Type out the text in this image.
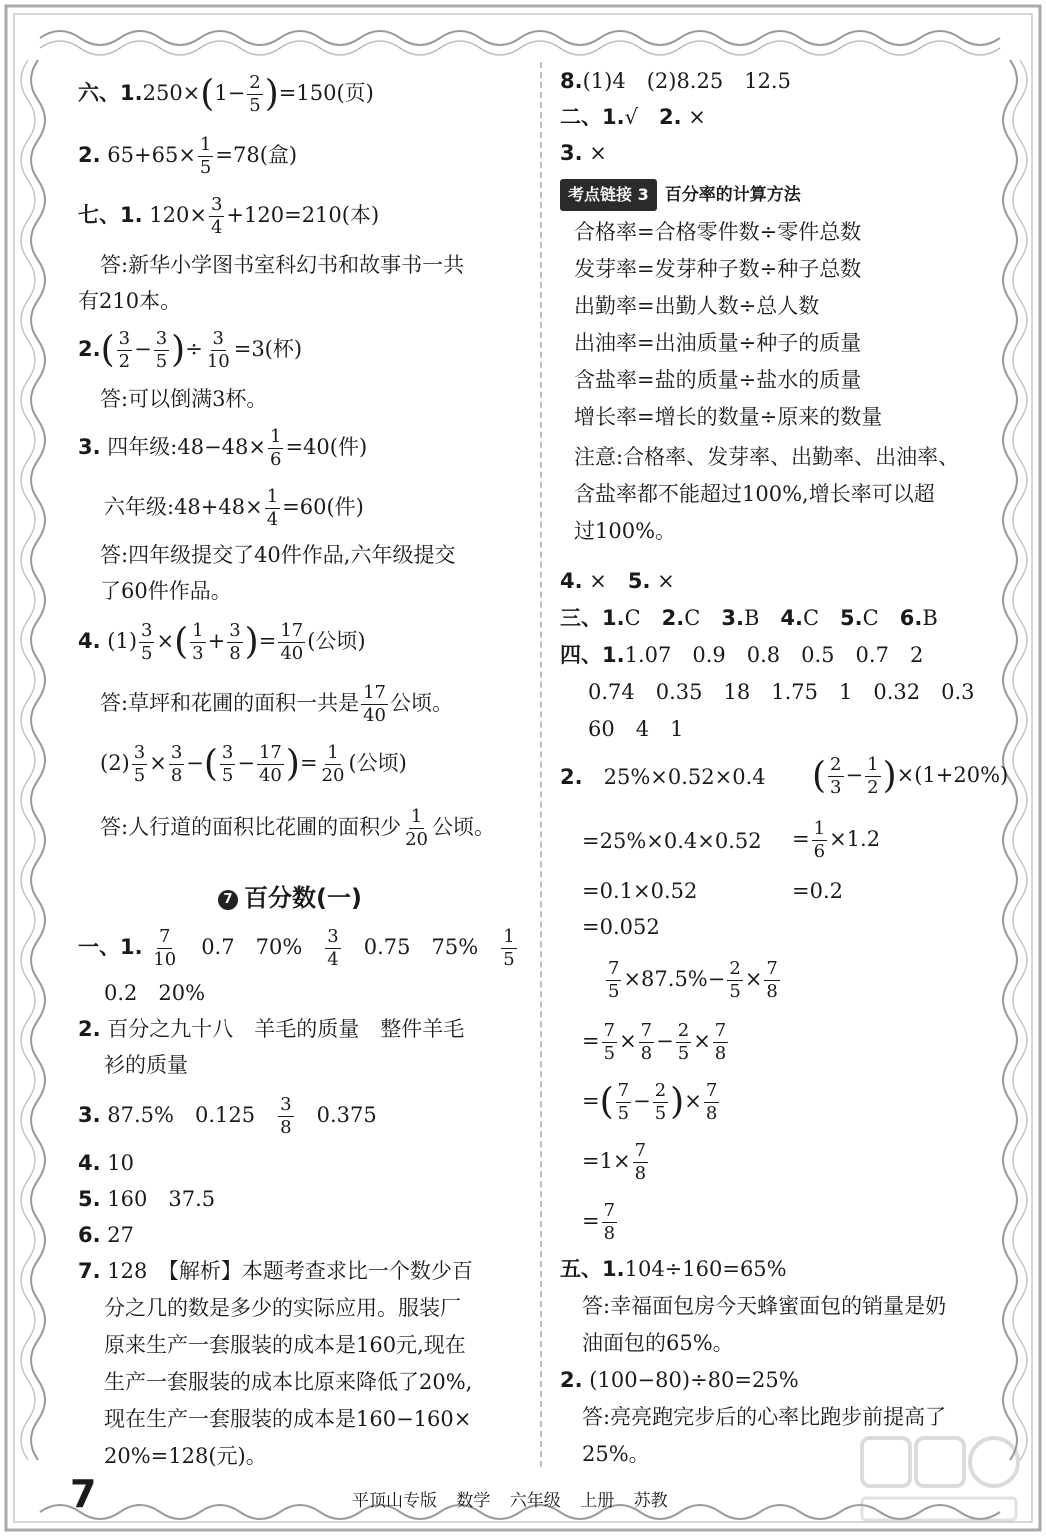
六、$1.250\times(1- \frac{2}{5} )=150$(页)
2. $65+65\times \frac{1}{5} =78$(盒)
七、1. $120\times \frac{3}{4} +120=210$(本)
答:新华小学图书室科幻书和故事书一共
有210本。
$2.( \frac{3}{2} - \frac{3}{5}$ )÷ $\frac{3}{10} =3$(杯)
答:可以倒满3杯。
3. 四年级:48−48× $\frac{1}{6} =40$(件)
六年级:48+48× $\frac{1}{4} =60$(件)
答:四年级提交了40件作品,六年级提交
了60件作品。
4. $(1) \frac{3}{5}$ ×( $\frac{1}{3} + \frac{3}{8}$ )= $\frac{17}{40}$ (公顷)
答:草坪和花圃的面积一共是 $\frac{17}{40}$ 公顷。
$(2) \frac{3}{5} \times \frac{3}{8}$ −( $\frac{3}{5} - \frac{17}{40}$ )= $\frac{1}{20}$ (公顷)
答:人行道的面积比花圃的面积少 $\frac{1}{20}$ 公顷。
7 百分数(一)
一、1. $\frac{7}{10}$
　 0.7　 70%　 $\frac{3}{4}$
　 0.75　 75%　 $\frac{1}{5}$
0.2　20%
2. 百分之九十八　羊毛的质量　整件羊毛
衫的质量
3. 87.5%　0.125　 $\frac{3}{8}$
　 0.375
4. 10
5. 160　37.5
6. 27
7. 128　【解析】本题考查求比一个数少百
分之几的数是多少的实际应用。服装厂
原来生产一套服装的成本是160元,现在
生产一套服装的成本比原来降低了20%,
现在生产一套服装的成本是160−160×
20%=128(元)。
8.(1)4　(2)8.25　12.5
二、1.√　 2. ×
3. ×
考点链接 3 百分率的计算方法
合格率=合格零件数÷零件总数
发芽率=发芽种子数÷种子总数
出勤率=出勤人数÷总人数
出油率=出油质量÷种子的质量
含盐率=盐的质量÷盐水的质量
增长率=增长的数量÷原来的数量
注意:合格率、发芽率、出勤率、出油率、
含盐率都不能超过100%,增长率可以超
过100%。
4. ×　 5. ×
三、1.C　 2.C　 3.B　 4.C　 5.C　 6.B
四、1.1.07　0.9　0.8　0.5　0.7　2
0.74　0.35　18　1.75　1　0.32　0.3
60　4　1
2.　 25%×0.52×0.4 ( $\frac{2}{3} - \frac{1}{2} )\times(1+20\%)$
$=25\%\times 0.4\times 0.52 = \frac{1}{6} \times 1.2$
=0.1×0.52	=0.2
=0.052
$\frac{7}{5} \times 87.5\%- \frac{2}{5} \times \frac{7}{8}$
= $\frac{7}{5} \times \frac{7}{8} - \frac{2}{5} \times \frac{7}{8}$
=( $\frac{7}{5} - \frac{2}{5}$ )× $\frac{7}{8}$
$=1\times \frac{7}{8}$
= $\frac{7}{8}$
五、1.104÷160=65%
答:幸福面包房今天蜂蜜面包的销量是奶
油面包的65%。
2. (100−80)÷80=25%
答:亮亮跑完步后的心率比跑步前提高了
25%。
7	平顶山专版 数学 六年级 上册 苏教
